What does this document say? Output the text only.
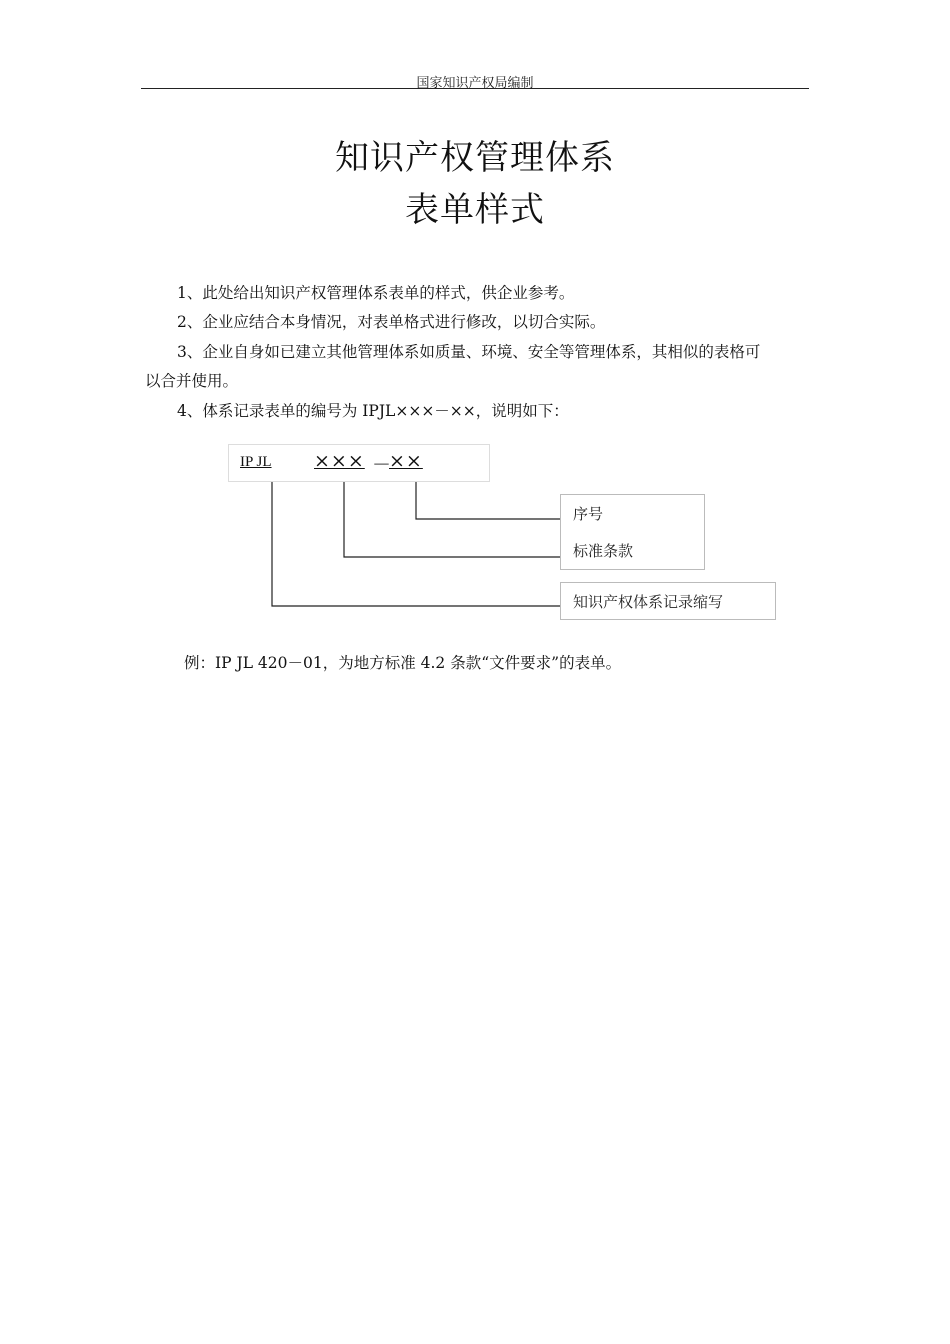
国家知识产权局编制
知识产权管理体系
表单样式
1、此处给出知识产权管理体系表单的样式，供企业参考。
2、企业应结合本身情况，对表单格式进行修改，以切合实际。
3、企业自身如已建立其他管理体系如质量、环境、安全等管理体系，其相似的表格可
以合并使用。
4、体系记录表单的编号为 IPJL×××－××，说明如下：
IP JL ××× －
××
序号
标准条款
知识产权体系记录缩写
例：IP JL 420－01，为地方标准 4.2 条款“文件要求”的表单。
